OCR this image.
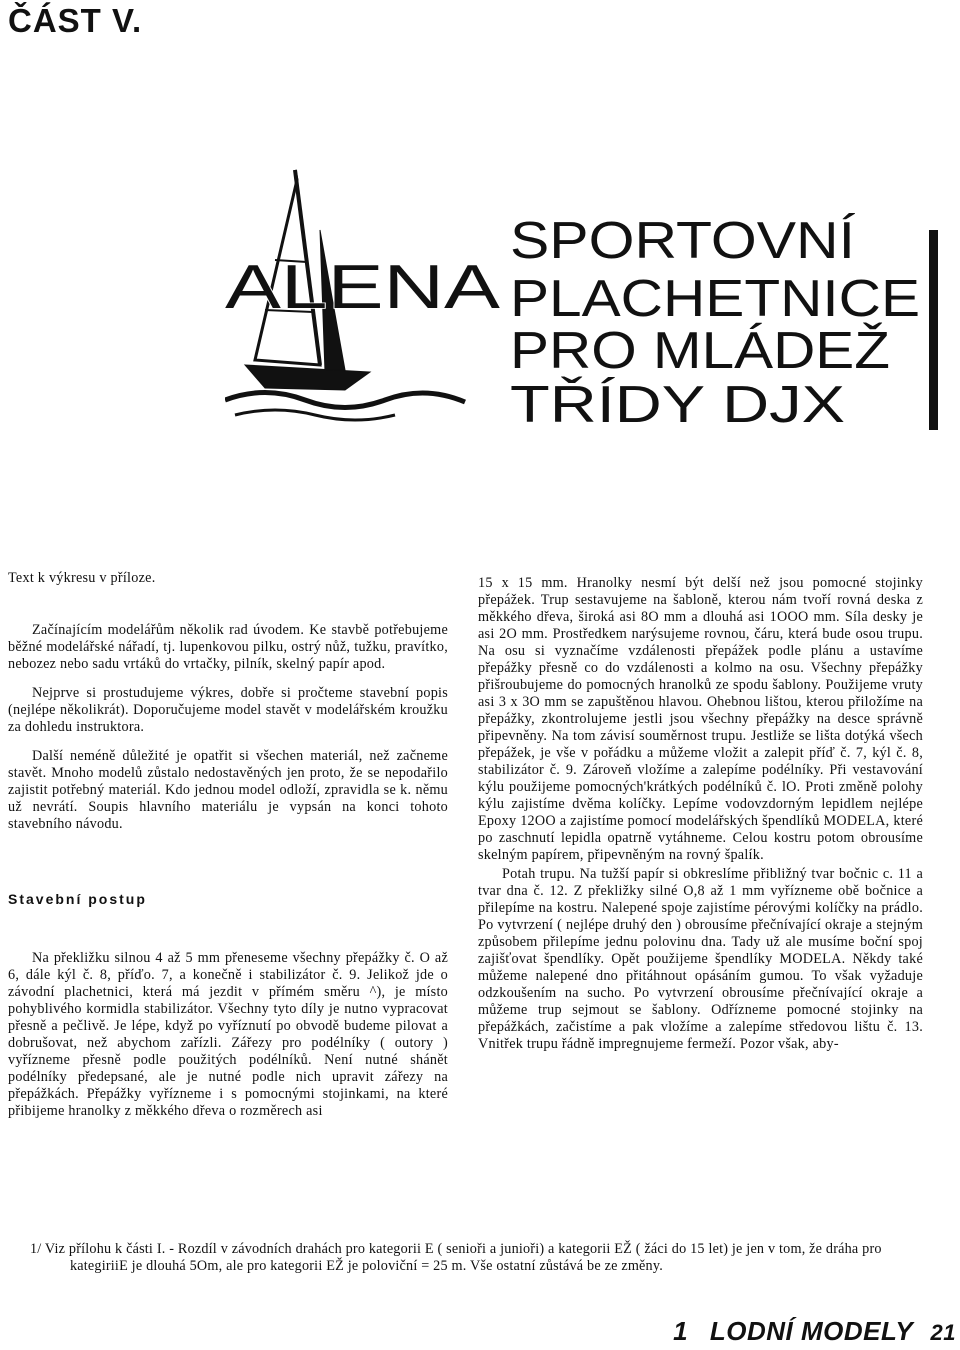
ČÁST V.
ALENA
SPORTOVNÍ
PLACHETNICE
PRO MLÁDEŽ
TŘÍDY DJX

Text k výkresu v příloze.

Začínajícím modelářům několik rad úvodem. Ke stavbě potřebujeme běžné modelářské nářadí, tj. lupenkovou pilku, ostrý nůž, tužku, pravítko, nebozez nebo sadu vrtáků do vrtačky, pilník, skelný papír apod.

Nejprve si prostudujeme výkres, dobře si pročteme stavební popis (nejlépe několikrát). Doporučujeme model stavět v modelářském kroužku za dohledu instruktora.

Další neméně důležité je opatřit si všechen materiál, než začneme stavět. Mnoho modelů zůstalo nedostavěných jen proto, že se nepodařilo zajistit potřebný materiál. Kdo jednou model odloží, zpravidla se k. němu už nevrátí. Soupis hlavního materiálu je vypsán na konci tohoto stavebního návodu.

Stavební postup

Na překližku silnou 4 až 5 mm přeneseme všechny přepážky č. O až 6, dále kýl č. 8, příďo. 7, a konečně i stabilizátor č. 9. Jelikož jde o závodní plachetnici, která má jezdit v přímém směru ^), je místo pohyblivého kormidla stabilizátor. Všechny tyto díly je nutno vypracovat přesně a pečlivě. Je lépe, když po vyříznutí po obvodě budeme pilovat a dobrušovat, než abychom zařízli. Zářezy pro podélníky ( outory ) vyřízneme přesně podle použitých podélníků. Není nutné shánět podélníky předepsané, ale je nutné podle nich upravit zářezy na přepážkách. Přepážky vyřízneme i s pomocnými stojinkami, na které přibijeme hranolky z měkkého dřeva o rozměrech asi

15 x 15 mm. Hranolky nesmí být delší než jsou pomocné stojinky přepážek. Trup sestavujeme na šabloně, kterou nám tvoří rovná deska z měkkého dřeva, široká asi 8O mm a dlouhá asi 1OOO mm. Síla desky je asi 2O mm. Prostředkem narýsujeme rovnou, čáru, která bude osou trupu. Na osu si vyznačíme vzdálenosti přepážek podle plánu a ustavíme přepážky přesně co do vzdálenosti a kolmo na osu. Všechny přepážky přišroubujeme do pomocných hranolků ze spodu šablony. Použijeme vruty asi 3 x 3O mm se zapuštěnou hlavou. Ohebnou lištou, kterou přiložíme na přepážky, zkontrolujeme jestli jsou všechny přepážky na desce správně připevněny. Na tom závisí souměrnost trupu. Jestliže se lišta dotýká všech přepážek, je vše v pořádku a můžeme vložit a zalepit příď č. 7, kýl č. 8, stabilizátor č. 9. Zároveň vložíme a zalepíme podélníky. Při vestavování kýlu použijeme pomocných'krátkých podélníků č. lO. Proti změně polohy kýlu zajistíme dvěma kolíčky. Lepíme vodovzdorným lepidlem nejlépe Epoxy 12OO a zajistíme pomocí modelářských špendlíků MODELA, které po zaschnutí lepidla opatrně vytáhneme. Celou kostru potom obrousíme skelným papírem, připevněným na rovný špalík.

Potah trupu. Na tužší papír si obkreslíme přibližný tvar bočnic c. 11 a tvar dna č. 12. Z překližky silné O,8 až 1 mm vyřízneme obě bočnice a přilepíme na kostru. Nalepené spoje zajistíme pérovými kolíčky na prádlo. Po vytvrzení ( nejlépe druhý den ) obrousíme přečnívající okraje a stejným způsobem přilepíme jednu polovinu dna. Tady už ale musíme boční spoj zajišťovat špendlíky. Opět použijeme špendlíky MODELA. Někdy také můžeme nalepené dno přitáhnout opásáním gumou. To však vyžaduje odzkoušením na sucho. Po vytvrzení obrousíme přečnívající okraje a můžeme trup sejmout se šablony. Odřízneme pomocné stojinky na přepážkách, začistíme a pak vložíme a zalepíme středovou lištu č. 13. Vnitřek trupu řádně impregnujeme fermeží. Pozor však, aby-

1/ Viz přílohu k části I. - Rozdíl v závodních drahách pro kategorii E ( senioři a junioři) a kategorii EŽ ( žáci do 15 let) je jen v tom, že dráha pro kategiriiE je dlouhá 5Om, ale pro kategorii EŽ je poloviční = 25 m. Vše ostatní zůstává be ze změny.

1 LODNÍ MODELY 21
